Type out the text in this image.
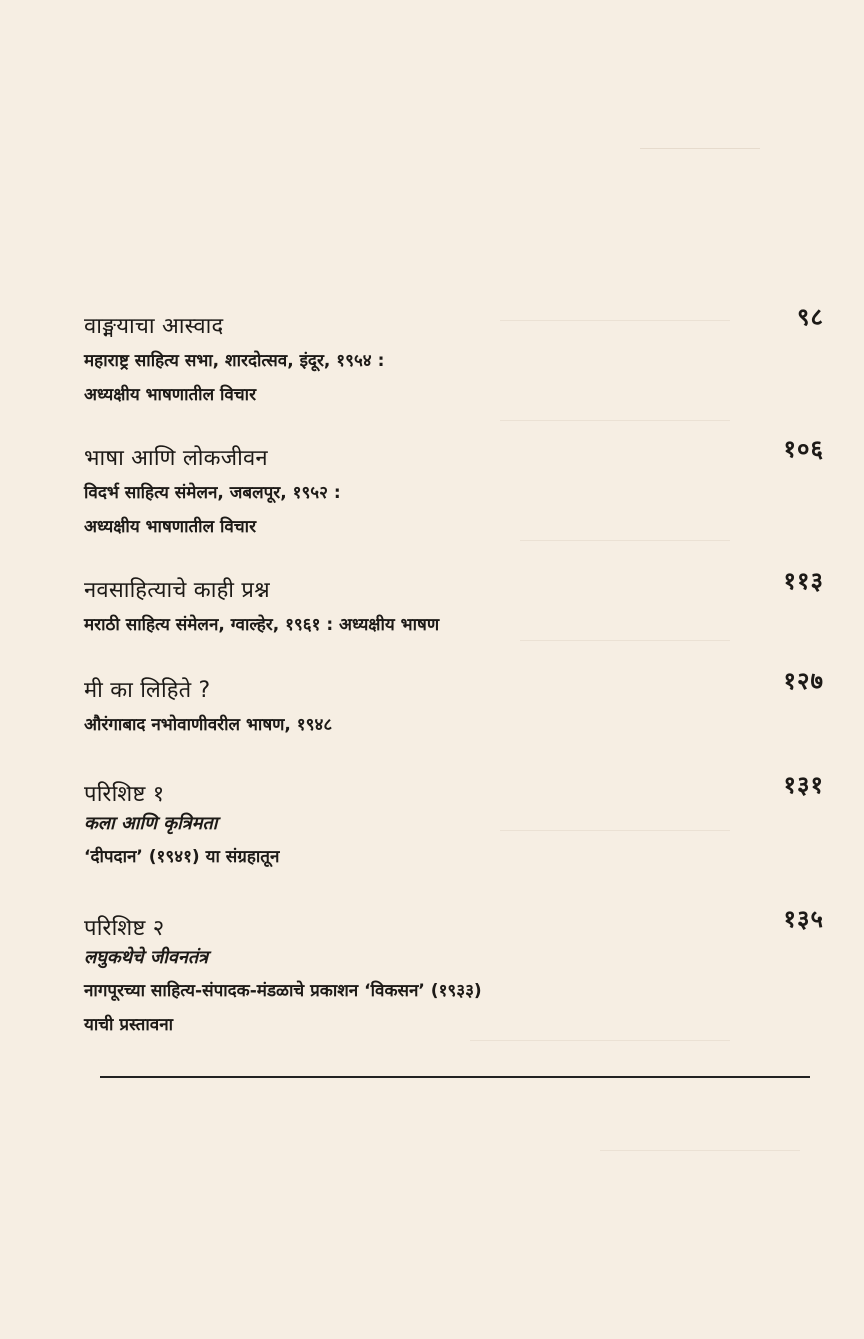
वाङ्मयाचा आस्वाद	९८
महाराष्ट्र साहित्य सभा, शारदोत्सव, इंदूर, १९५४ :
अध्यक्षीय भाषणातील विचार
भाषा आणि लोकजीवन	१०६
विदर्भ साहित्य संमेलन, जबलपूर, १९५२ :
अध्यक्षीय भाषणातील विचार
नवसाहित्याचे काही प्रश्न	११३
मराठी साहित्य संमेलन, ग्वाल्हेर, १९६१ : अध्यक्षीय भाषण
मी का लिहिते ?	१२७
औरंगाबाद नभोवाणीवरील भाषण, १९४८
परिशिष्ट १	१३१
कला आणि कृत्रिमता
‘दीपदान’ (१९४१) या संग्रहातून
परिशिष्ट २	१३५
लघुकथेचे जीवनतंत्र
नागपूरच्या साहित्य-संपादक-मंडळाचे प्रकाशन ‘विकसन’ (१९३३)
याची प्रस्तावना
